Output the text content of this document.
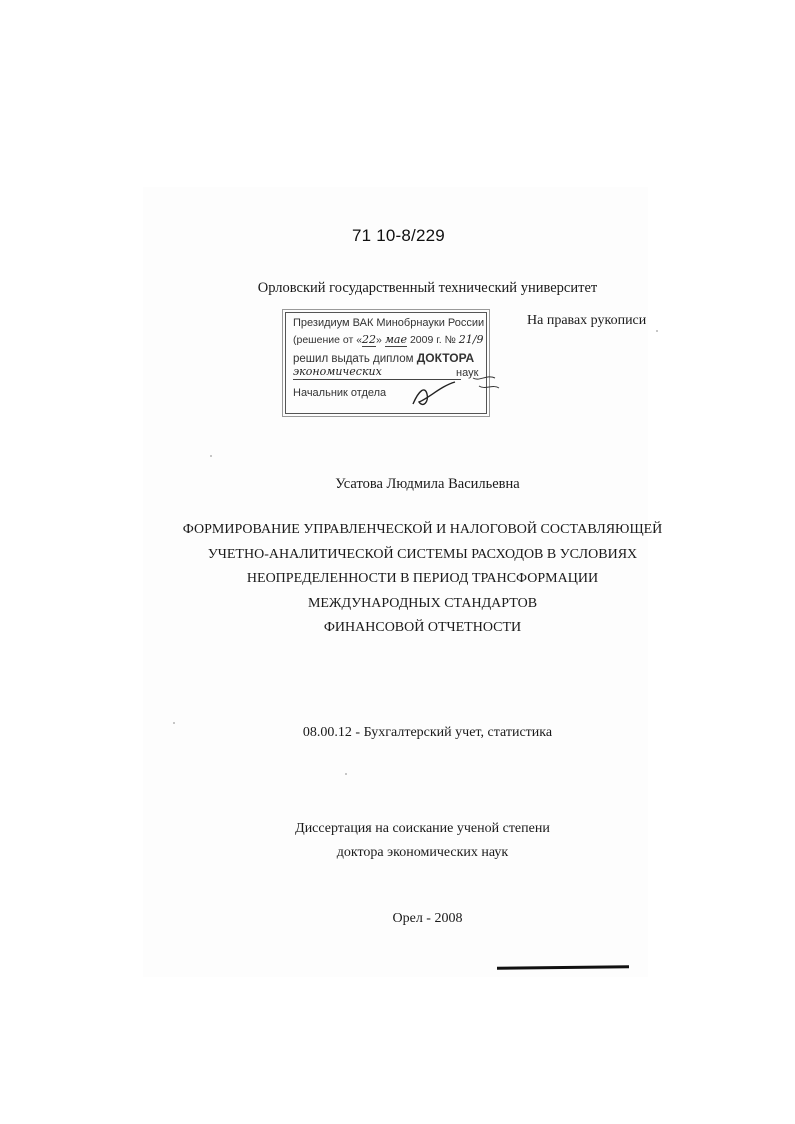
71 10-8/229
Орловский государственный технический университет
На правах рукописи
Президиум ВАК Минобрнауки России
(решение от «22» мае 2009 г. № 21/9
решил выдать диплом ДОКТОРА
экономических	наук
Начальник отдела
Усатова Людмила Васильевна
ФОРМИРОВАНИЕ УПРАВЛЕНЧЕСКОЙ И НАЛОГОВОЙ СОСТАВЛЯЮЩЕЙ
УЧЕТНО-АНАЛИТИЧЕСКОЙ СИСТЕМЫ РАСХОДОВ В УСЛОВИЯХ
НЕОПРЕДЕЛЕННОСТИ В ПЕРИОД ТРАНСФОРМАЦИИ
МЕЖДУНАРОДНЫХ СТАНДАРТОВ
ФИНАНСОВОЙ ОТЧЕТНОСТИ
08.00.12 - Бухгалтерский учет, статистика
Диссертация на соискание ученой степени
доктора экономических наук
Орел - 2008
